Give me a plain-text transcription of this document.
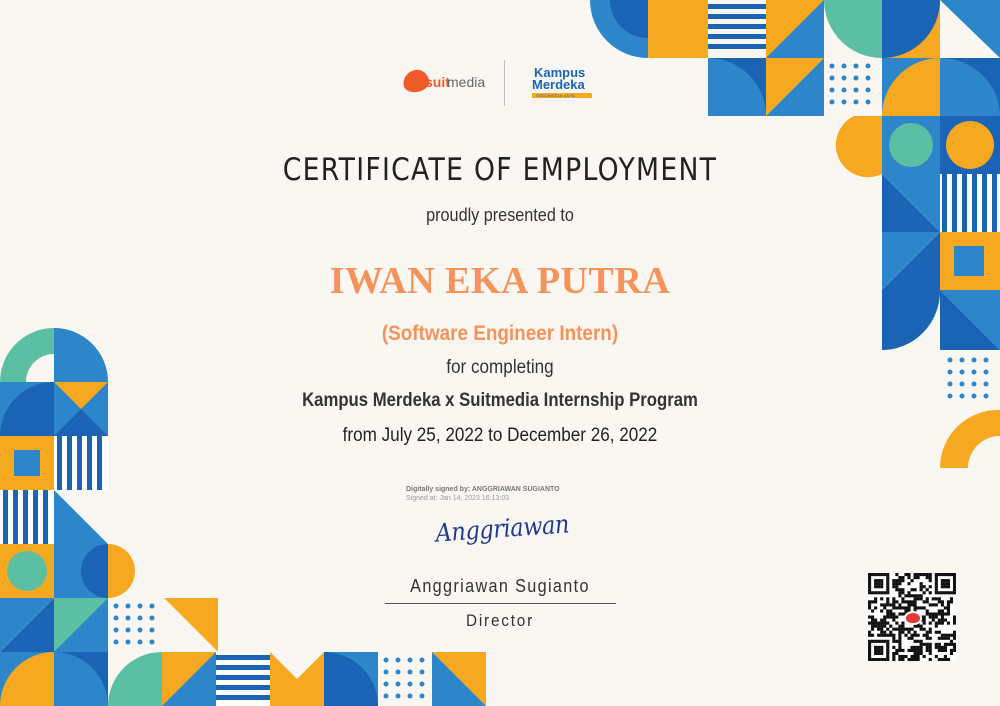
suit
media
Kampus
Merdeka
INDONESIA JAYA
CERTIFICATE OF EMPLOYMENT
proudly presented to
IWAN EKA PUTRA
(Software Engineer Intern)
for completing
Kampus Merdeka x Suitmedia Internship Program
from July 25, 2022 to December 26, 2022
Digitally signed by: ANGGRIAWAN SUGIANTO
Signed at: Jan 14, 2023 16:13:03
Anggriawan
Anggriawan Sugianto
Director
